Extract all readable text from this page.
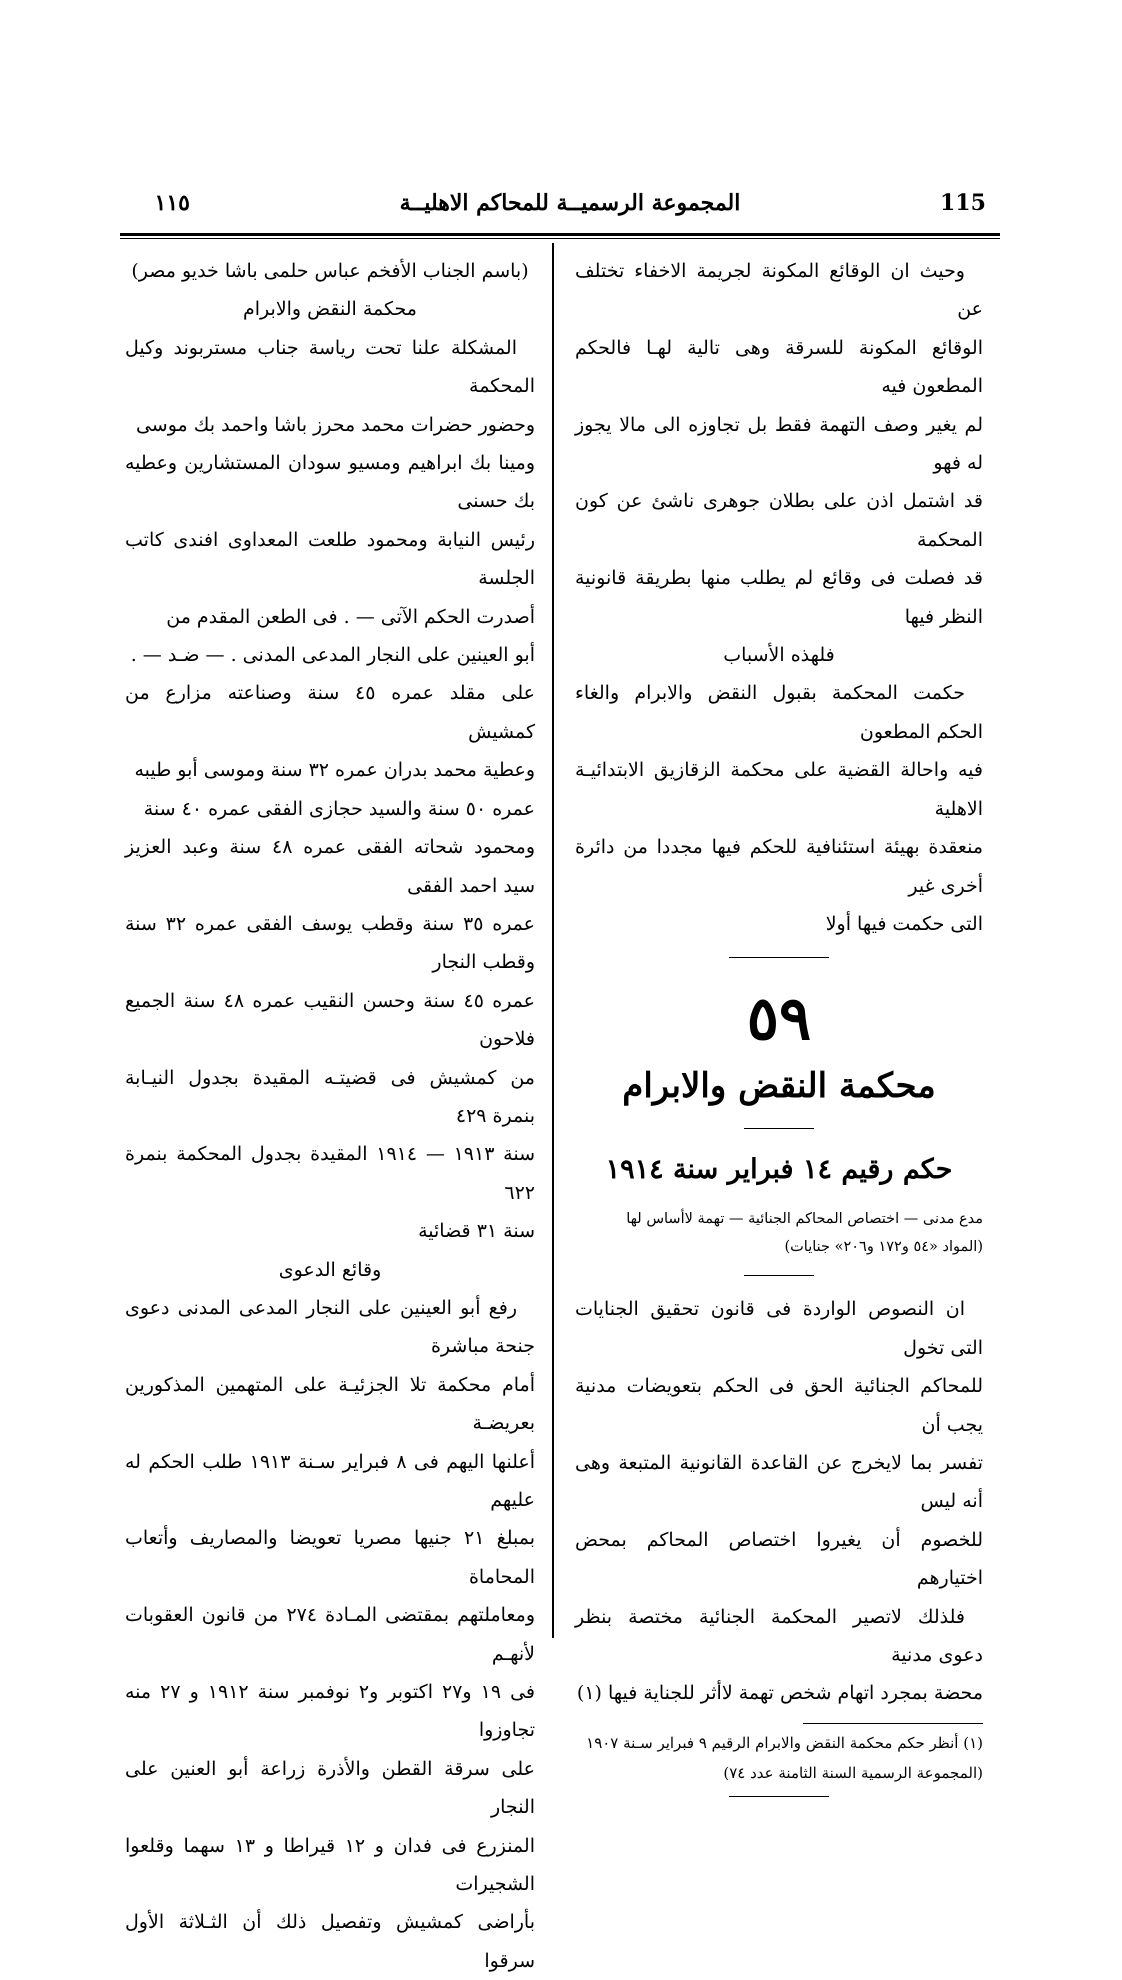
115
المجموعة الرسميــة للمحاكم الاهليــة
١١٥

وحيث ان الوقائع المكونة لجريمة الاخفاء تختلف عن

الوقائع المكونة للسرقة وهى تالية لهـا فالحكم المطعون فيه

لم يغير وصف التهمة فقط بل تجاوزه الى مالا يجوز له فهو

قد اشتمل اذن على بطلان جوهرى ناشئ عن كون المحكمة

قد فصلت فى وقائع لم يطلب منها بطريقة قانونية النظر فيها

فلهذه الأسباب

حكمت المحكمة بقبول النقض والابرام والغاء الحكم المطعون

فيه واحالة القضية على محكمة الزقازيق الابتدائيـة الاهلية

منعقدة بهيئة استئنافية للحكم فيها مجددا من دائرة أخرى غير

التى حكمت فيها أولا

٥٩
محكمة النقض والابرام
حكم رقيم ١٤ فبراير سنة ١٩١٤

مدع مدنى — اختصاص المحاكم الجنائية — تهمة لاأساس لها

(المواد «٥٤ و١٧٢ و٢٠٦» جنايات)

ان النصوص الواردة فى قانون تحقيق الجنايات التى تخول

للمحاكم الجنائية الحق فى الحكم بتعويضات مدنية يجب أن

تفسر بما لايخرج عن القاعدة القانونية المتبعة وهى أنه ليس

للخصوم أن يغيروا اختصاص المحاكم بمحض اختيارهم

فلذلك لاتصير المحكمة الجنائية مختصة بنظر دعوى مدنية

محضة بمجرد اتهام شخص تهمة لاأثر للجناية فيها (١)

(١) أنظر حكم محكمة النقض والابرام الرقيم ٩ فبراير سـنة ١٩٠٧

(المجموعة الرسمية السنة الثامنة عدد ٧٤)

(باسم الجناب الأفخم عباس حلمى باشا خديو مصر)

محكمة النقض والابرام

المشكلة علنا تحت رياسة جناب مستربوند وكيل المحكمة

وحضور حضرات محمد محرز باشا واحمد بك موسى

ومينا بك ابراهيم ومسيو سودان المستشارين وعطيه بك حسنى

رئيس النيابة ومحمود طلعت المعداوى افندى كاتب الجلسة

أصدرت الحكم الآتى — . فى الطعن المقدم من

أبو العينين على النجار المدعى المدنى . — ضـد — .

على مقلد عمره ٤٥ سنة وصناعته مزارع من كمشيش

وعطية محمد بدران عمره ٣٢ سنة وموسى أبو طيبه

عمره ٥٠ سنة والسيد حجازى الفقى عمره ٤٠ سنة

ومحمود شحاته الفقى عمره ٤٨ سنة وعبد العزيز سيد احمد الفقى

عمره ٣٥ سنة وقطب يوسف الفقى عمره ٣٢ سنة وقطب النجار

عمره ٤٥ سنة وحسن النقيب عمره ٤٨ سنة الجميع فلاحون

من كمشيش فى قضيتـه المقيدة بجدول النيـابة بنمرة ٤٢٩

سنة ١٩١٣ — ١٩١٤ المقيدة بجدول المحكمة بنمرة ٦٢٢

سنة ٣١ قضائية

وقائع الدعوى

رفع أبو العينين على النجار المدعى المدنى دعوى جنحة مباشرة

أمام محكمة تلا الجزئيـة على المتهمين المذكورين بعريضـة

أعلنها اليهم فى ٨ فبراير سـنة ١٩١٣ طلب الحكم له عليهم

بمبلغ ٢١ جنيها مصريا تعويضا والمصاريف وأتعاب المحاماة

ومعاملتهم بمقتضى المـادة ٢٧٤ من قانون العقوبات لأنهـم

فى ١٩ و٢٧ اكتوبر و٢ نوفمبر سنة ١٩١٢ و ٢٧ منه تجاوزوا

على سرقة القطن والأذرة زراعة أبو العنين على النجار

المنزرع فى فدان و ١٢ قيراطا و ١٣ سهما وقلعوا الشجيرات

بأراضى كمشيش وتفصيل ذلك أن الثـلاثة الأول سرقوا
